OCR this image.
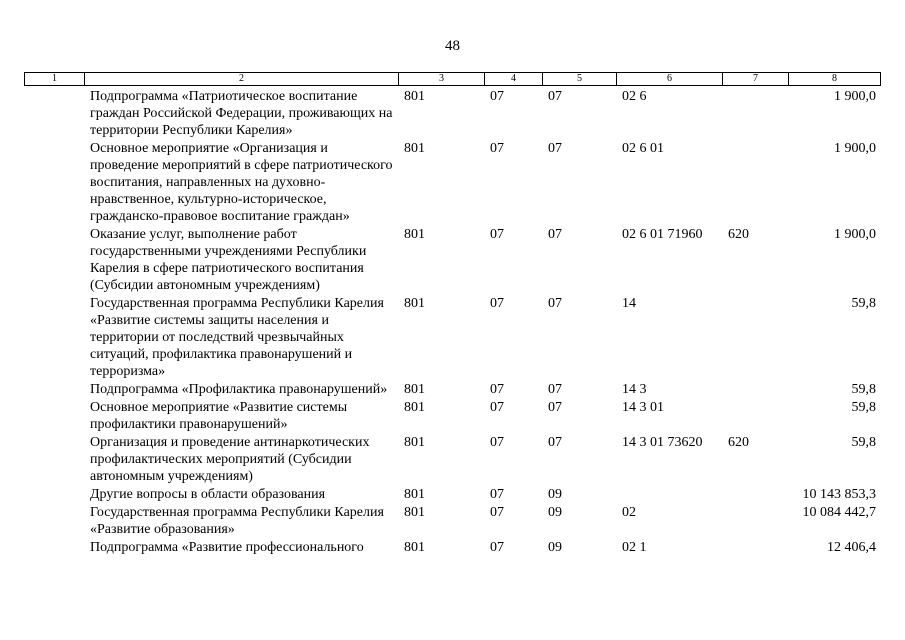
48
1	2	3	4	5	6	7	8
	Подпрограмма «Патриотическое воспитание граждан Российской Федерации, проживающих на территории Республики Карелия»	801	07	07	02 6		1 900,0
	Основное мероприятие «Организация и проведение мероприятий в сфере патриотического воспитания, направленных на духовно-нравственное, культурно-историческое, гражданско-правовое воспитание граждан»	801	07	07	02 6 01		1 900,0
	Оказание услуг, выполнение работ государственными учреждениями Республики Карелия в сфере патриотического воспитания (Субсидии автономным учреждениям)	801	07	07	02 6 01 71960	620	1 900,0
	Государственная программа Республики Карелия «Развитие системы защиты населения и территории от последствий чрезвычайных ситуаций, профилактика правонарушений и терроризма»	801	07	07	14		59,8
	Подпрограмма «Профилактика правонарушений»	801	07	07	14 3		59,8
	Основное мероприятие «Развитие системы профилактики правонарушений»	801	07	07	14 3 01		59,8
	Организация и проведение антинаркотических профилактических мероприятий (Субсидии автономным учреждениям)	801	07	07	14 3 01 73620	620	59,8
	Другие вопросы в области образования	801	07	09			10 143 853,3
	Государственная программа Республики Карелия «Развитие образования»	801	07	09	02		10 084 442,7
	Подпрограмма «Развитие профессионального	801	07	09	02 1		12 406,4
